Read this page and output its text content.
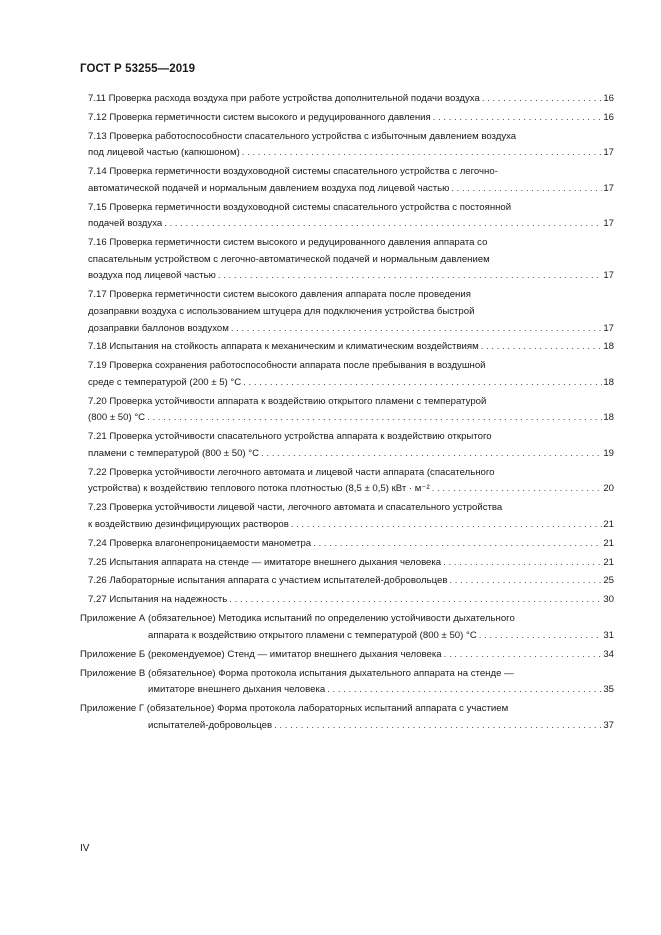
ГОСТ Р 53255—2019
7.11 Проверка расхода воздуха при работе устройства дополнительной подачи воздуха . . .	16
7.12 Проверка герметичности систем высокого и редуцированного давления . . .	16
7.13 Проверка работоспособности спасательного устройства с избыточным давлением воздуха
под лицевой частью (капюшоном) . . .	17
7.14 Проверка герметичности воздуховодной системы спасательного устройства с легочно-
автоматической подачей и нормальным давлением воздуха под лицевой частью . . .	17
7.15 Проверка герметичности воздуховодной системы спасательного устройства с постоянной
подачей воздуха . . .	17
7.16 Проверка герметичности систем высокого и редуцированного давления аппарата со
спасательным устройством с легочно-автоматической подачей и нормальным давлением
воздуха под лицевой частью . . .	17
7.17 Проверка герметичности систем высокого давления аппарата после проведения
дозаправки воздуха с использованием штуцера для подключения устройства быстрой
дозаправки баллонов воздухом . . .	17
7.18 Испытания на стойкость аппарата к механическим и климатическим воздействиям . . .	18
7.19 Проверка сохранения работоспособности аппарата после пребывания в воздушной
среде с температурой (200 ± 5) °С . . .	18
7.20 Проверка устойчивости аппарата к воздействию открытого пламени с температурой
(800 ± 50) °С . . .	18
7.21 Проверка устойчивости спасательного устройства аппарата к воздействию открытого
пламени с температурой (800 ± 50) °С . . .	19
7.22 Проверка устойчивости легочного автомата и лицевой части аппарата (спасательного
устройства) к воздействию теплового потока плотностью (8,5 ± 0,5) кВт · м⁻² . . .	20
7.23 Проверка устойчивости лицевой части, легочного автомата и спасательного устройства
к воздействию дезинфицирующих растворов . . .	21
7.24 Проверка влагонепроницаемости манометра . . .	21
7.25 Испытания аппарата на стенде — имитаторе внешнего дыхания человека . . .	21
7.26 Лабораторные испытания аппарата с участием испытателей-добровольцев . . .	25
7.27 Испытания на надежность . . .	30
Приложение А (обязательное) Методика испытаний по определению устойчивости дыхательного
аппарата к воздействию открытого пламени с температурой (800 ± 50) °С . . .	31
Приложение Б (рекомендуемое) Стенд — имитатор внешнего дыхания человека . . .	34
Приложение В (обязательное) Форма протокола испытания дыхательного аппарата на стенде —
имитаторе внешнего дыхания человека . . .	35
Приложение Г (обязательное) Форма протокола лабораторных испытаний аппарата с участием
испытателей-добровольцев . . .	37
IV
